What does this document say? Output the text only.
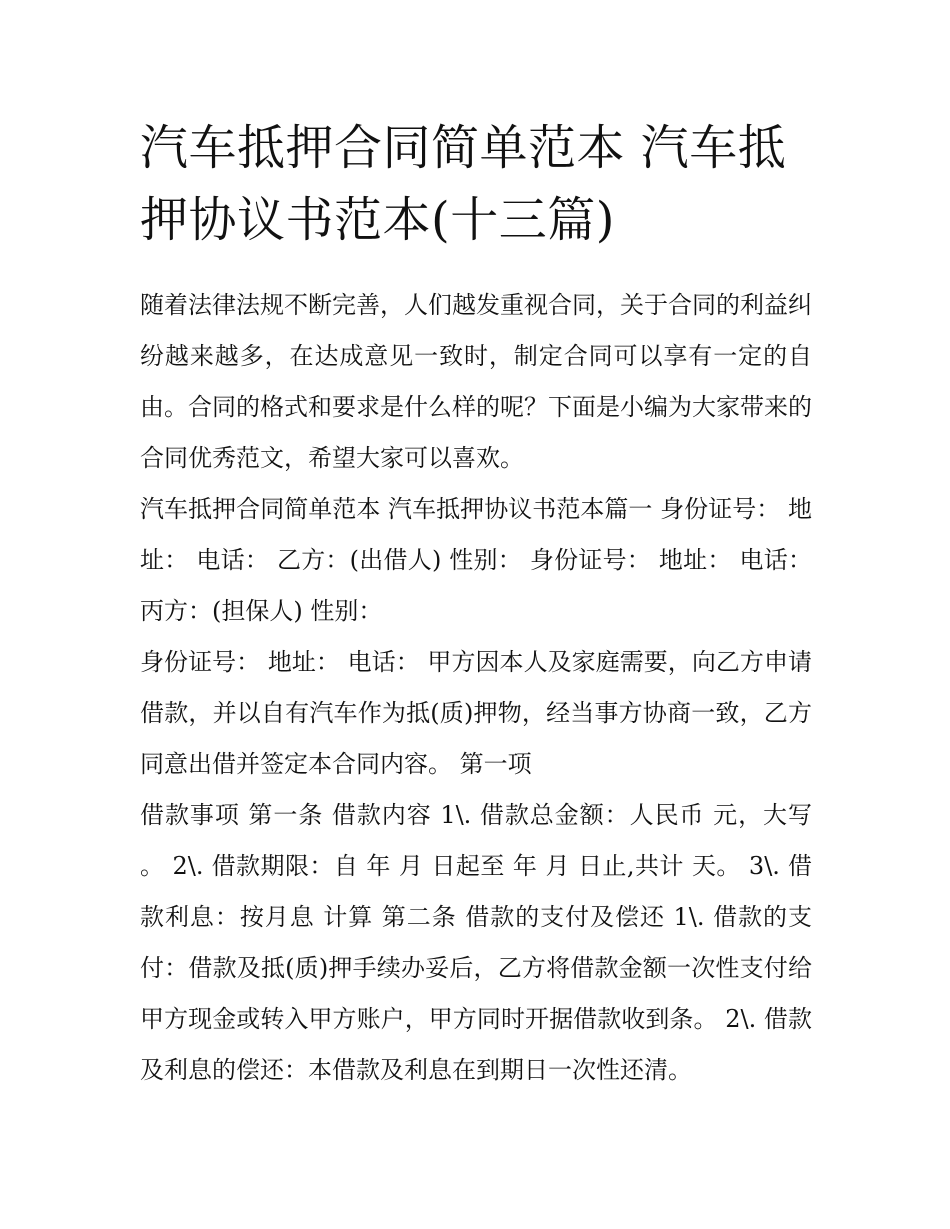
汽车抵押合同简单范本 汽车抵押协议书范本(十三篇)

随着法律法规不断完善，人们越发重视合同，关于合同的利益纠纷越来越多，在达成意见一致时，制定合同可以享有一定的自由。合同的格式和要求是什么样的呢？下面是小编为大家带来的合同优秀范文，希望大家可以喜欢。

汽车抵押合同简单范本 汽车抵押协议书范本篇一 身份证号： 地址： 电话： 乙方：(出借人) 性别： 身份证号： 地址： 电话： 丙方：(担保人) 性别：

身份证号： 地址： 电话： 甲方因本人及家庭需要，向乙方申请借款，并以自有汽车作为抵(质)押物，经当事方协商一致，乙方同意出借并签定本合同内容。 第一项

借款事项 第一条 借款内容 1\. 借款总金额：人民币 元，大写 。 2\. 借款期限：自 年 月 日起至 年 月 日止,共计 天。 3\. 借款利息：按月息 计算 第二条 借款的支付及偿还 1\. 借款的支付：借款及抵(质)押手续办妥后，乙方将借款金额一次性支付给甲方现金或转入甲方账户，甲方同时开据借款收到条。 2\. 借款及利息的偿还：本借款及利息在到期日一次性还清。
